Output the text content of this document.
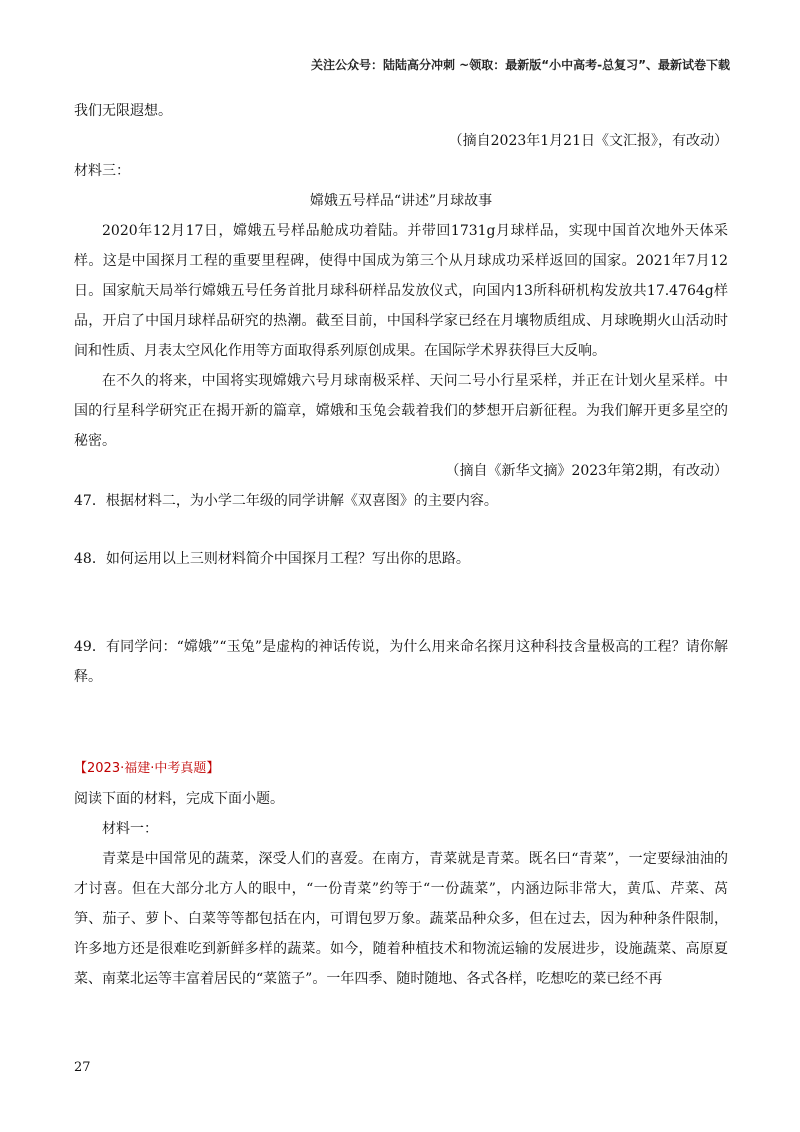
关注公众号：陆陆高分冲刺 ~领取：最新版“小中高考-总复习”、最新试卷下载

我们无限遐想。

（摘自2023年1月21日《文汇报》，有改动）

材料三：

嫦娥五号样品“讲述”月球故事

2020年12月17日，嫦娥五号样品舱成功着陆。并带回1731g月球样品，实现中国首次地外天体采样。这是中国探月工程的重要里程碑，使得中国成为第三个从月球成功采样返回的国家。2021年7月12日。国家航天局举行嫦娥五号任务首批月球科研样品发放仪式，向国内13所科研机构发放共17.4764g样品，开启了中国月球样品研究的热潮。截至目前，中国科学家已经在月壤物质组成、月球晚期火山活动时间和性质、月表太空风化作用等方面取得系列原创成果。在国际学术界获得巨大反响。

在不久的将来，中国将实现嫦娥六号月球南极采样、天问二号小行星采样，并正在计划火星采样。中国的行星科学研究正在揭开新的篇章，嫦娥和玉兔会载着我们的梦想开启新征程。为我们解开更多星空的秘密。

（摘自《新华文摘》2023年第2期，有改动）

47．根据材料二，为小学二年级的同学讲解《双喜图》的主要内容。

48．如何运用以上三则材料简介中国探月工程？写出你的思路。

49．有同学问：“嫦娥”“玉兔”是虚构的神话传说，为什么用来命名探月这种科技含量极高的工程？请你解释。

【2023·福建·中考真题】

阅读下面的材料，完成下面小题。

材料一：

青菜是中国常见的蔬菜，深受人们的喜爱。在南方，青菜就是青菜。既名曰“青菜”，一定要绿油油的才讨喜。但在大部分北方人的眼中，“一份青菜”约等于“一份蔬菜”，内涵边际非常大，黄瓜、芹菜、莴笋、茄子、萝卜、白菜等等都包括在内，可谓包罗万象。蔬菜品种众多，但在过去，因为种种条件限制，许多地方还是很难吃到新鲜多样的蔬菜。如今，随着种植技术和物流运输的发展进步，设施蔬菜、高原夏菜、南菜北运等丰富着居民的“菜篮子”。一年四季、随时随地、各式各样，吃想吃的菜已经不再

27
